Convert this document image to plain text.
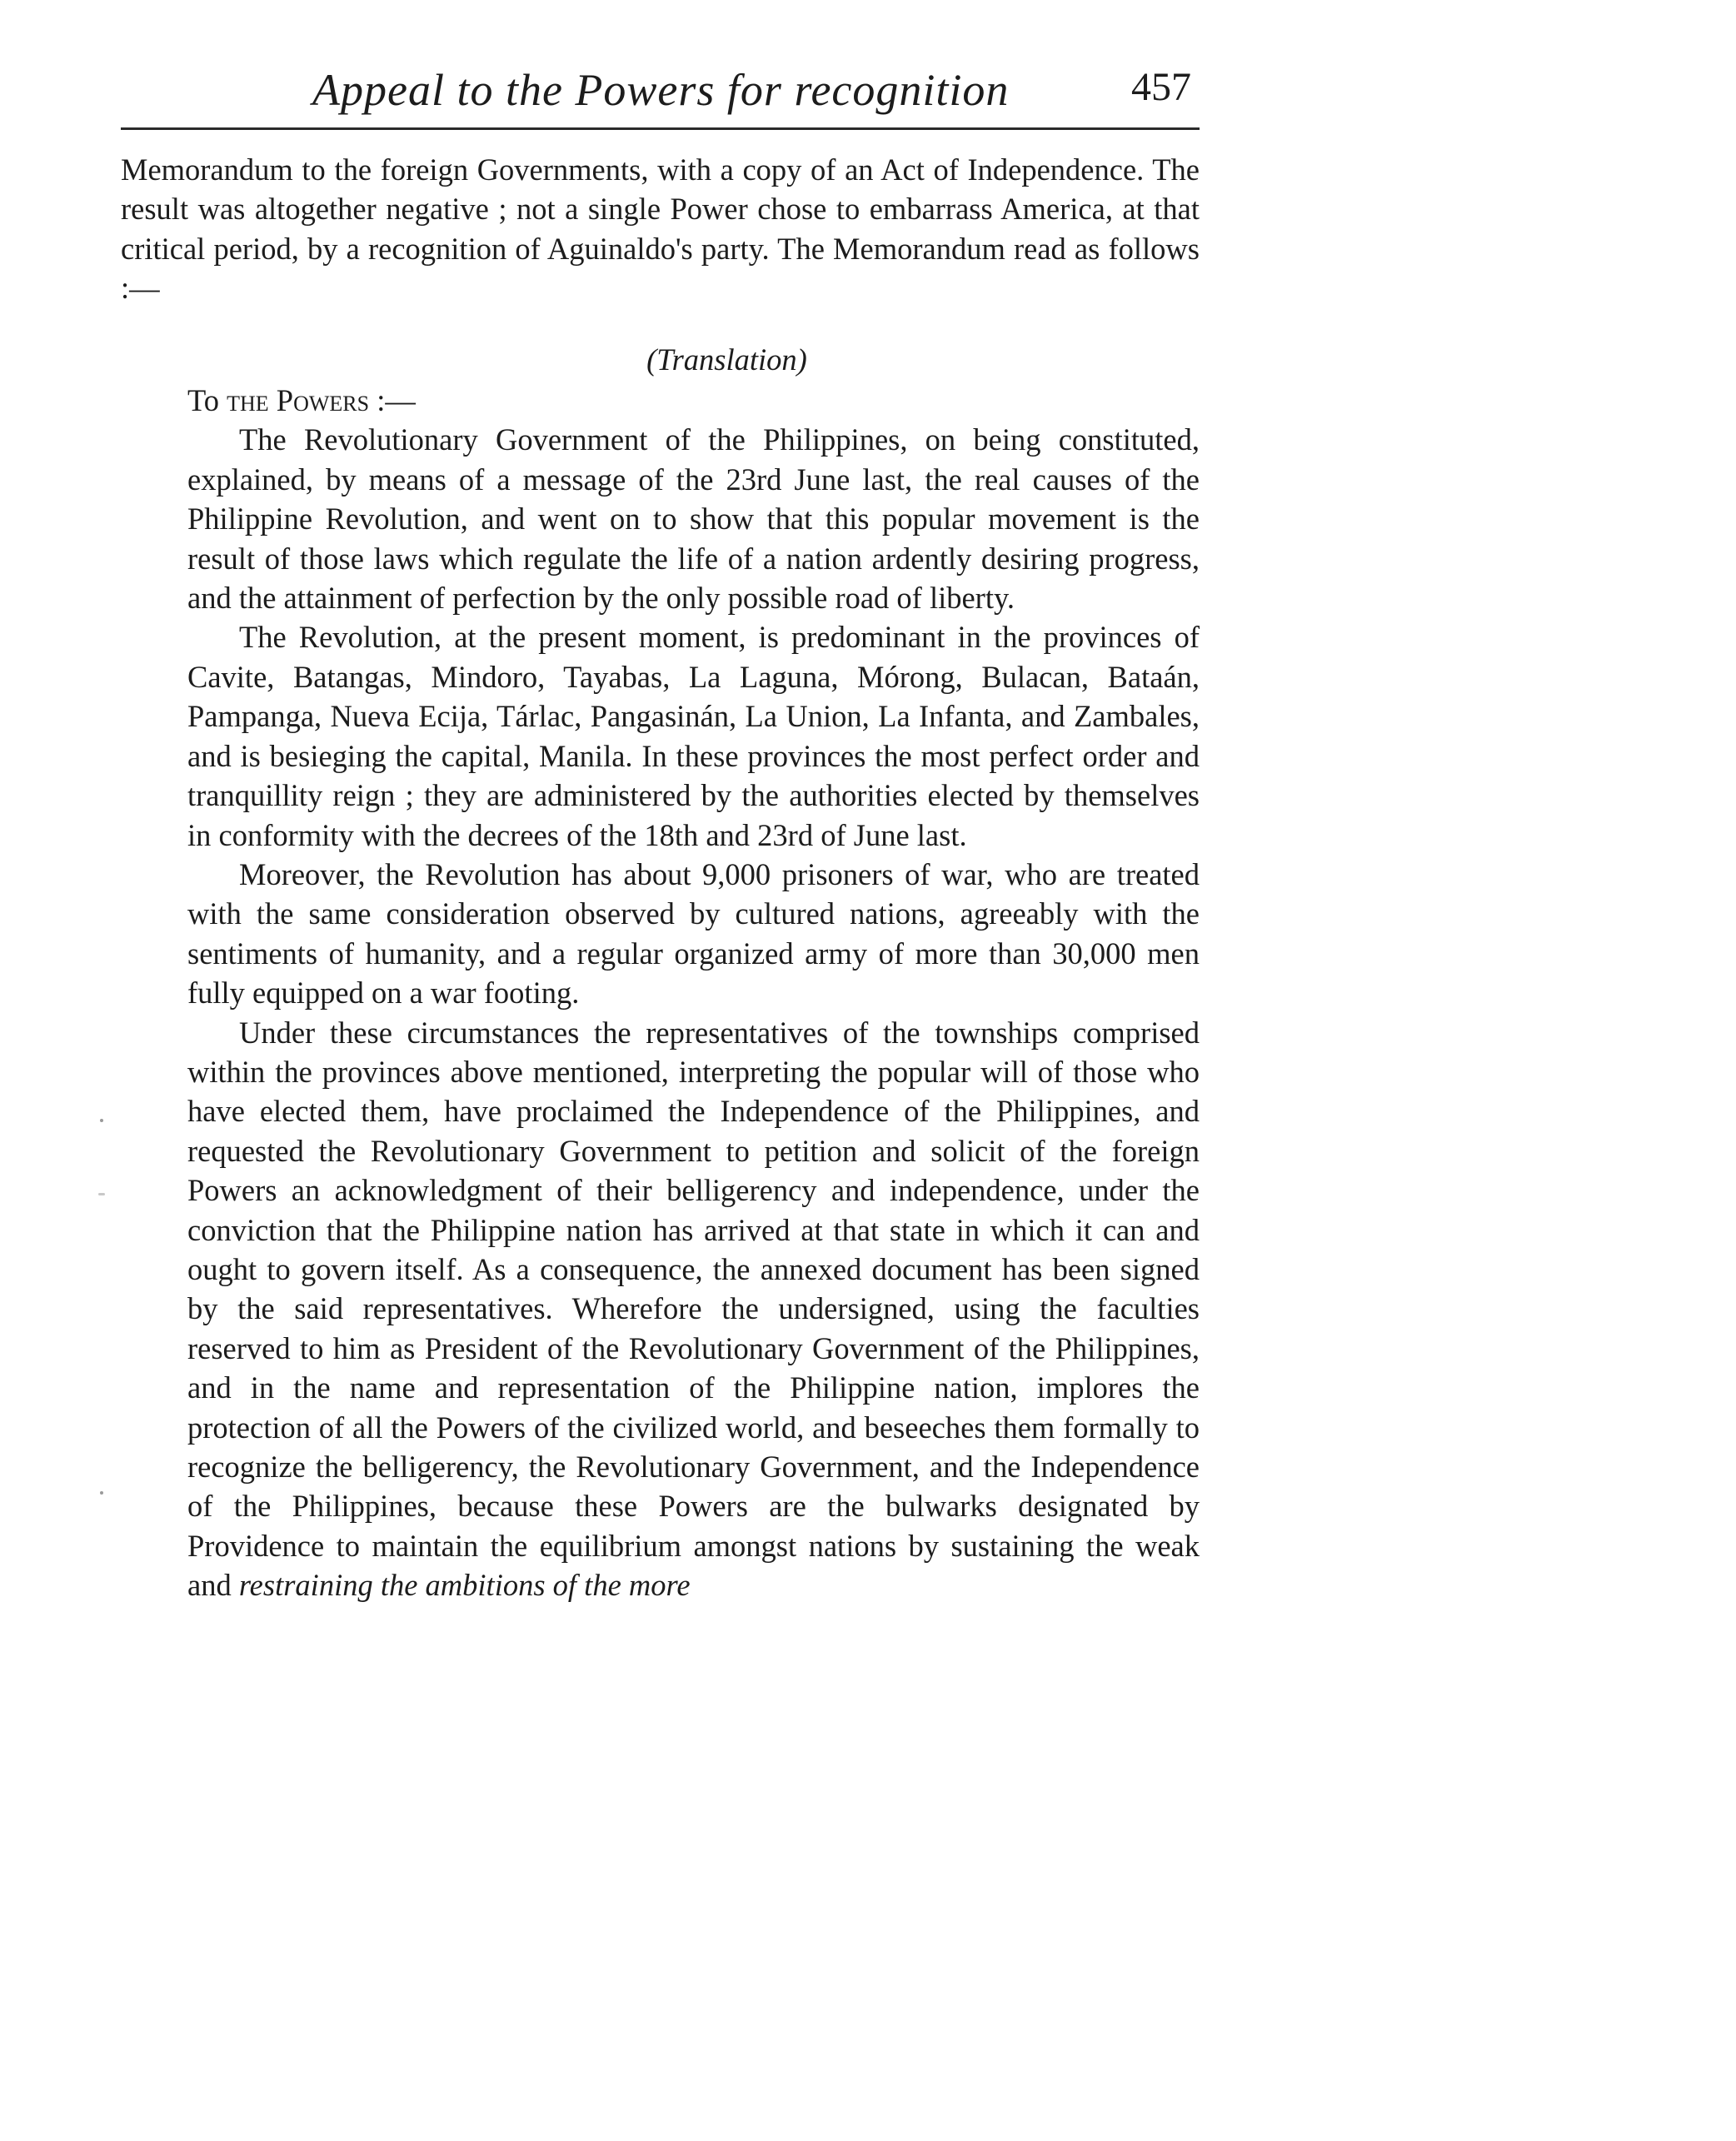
Appeal to the Powers for recognition	457

Memorandum to the foreign Governments, with a copy of an Act of Independence. The result was altogether negative ; not a single Power chose to embarrass America, at that critical period, by a recognition of Aguinaldo's party. The Memorandum read as follows :—

(Translation)

To the Powers :—

The Revolutionary Government of the Philippines, on being constituted, explained, by means of a message of the 23rd June last, the real causes of the Philippine Revolution, and went on to show that this popular movement is the result of those laws which regulate the life of a nation ardently desiring progress, and the attainment of perfection by the only possible road of liberty.

The Revolution, at the present moment, is predominant in the provinces of Cavite, Batangas, Mindoro, Tayabas, La Laguna, Mórong, Bulacan, Bataán, Pampanga, Nueva Ecija, Tárlac, Pangasinán, La Union, La Infanta, and Zambales, and is besieging the capital, Manila. In these provinces the most perfect order and tranquillity reign ; they are administered by the authorities elected by themselves in conformity with the decrees of the 18th and 23rd of June last.

Moreover, the Revolution has about 9,000 prisoners of war, who are treated with the same consideration observed by cultured nations, agreeably with the sentiments of humanity, and a regular organized army of more than 30,000 men fully equipped on a war footing.

Under these circumstances the representatives of the townships comprised within the provinces above mentioned, interpreting the popular will of those who have elected them, have proclaimed the Independence of the Philippines, and requested the Revolutionary Government to petition and solicit of the foreign Powers an acknowledgment of their belligerency and independence, under the conviction that the Philippine nation has arrived at that state in which it can and ought to govern itself. As a consequence, the annexed document has been signed by the said representatives. Wherefore the undersigned, using the faculties reserved to him as President of the Revolutionary Government of the Philippines, and in the name and representation of the Philippine nation, implores the protection of all the Powers of the civilized world, and beseeches them formally to recognize the belligerency, the Revolutionary Government, and the Independence of the Philippines, because these Powers are the bulwarks designated by Providence to maintain the equilibrium amongst nations by sustaining the weak and restraining the ambitions of the more
